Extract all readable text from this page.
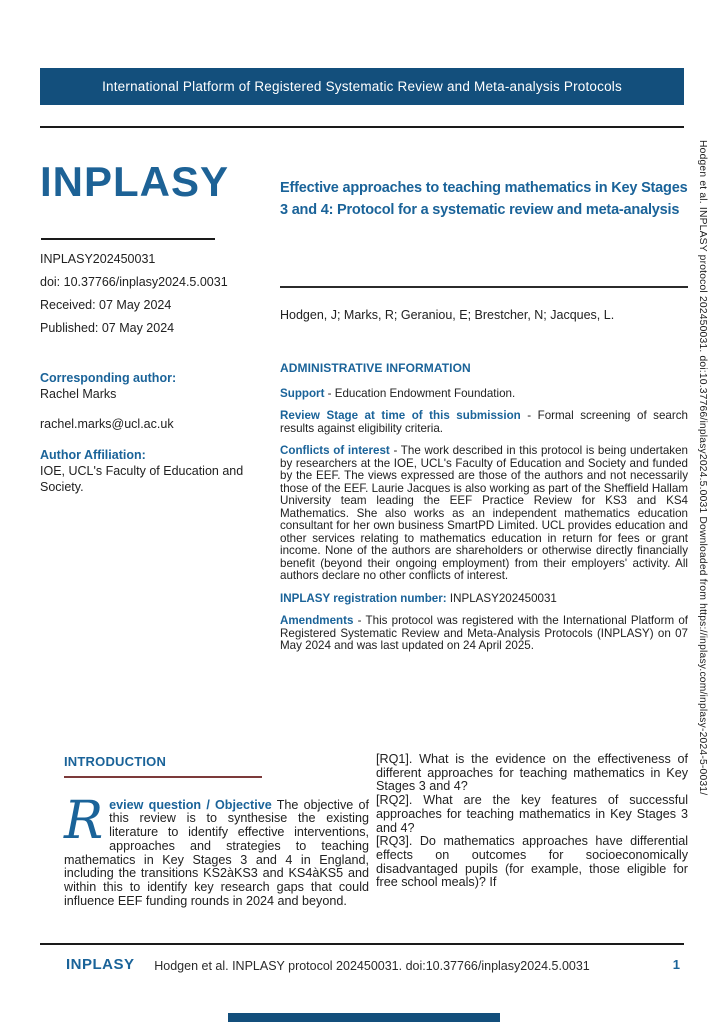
International Platform of Registered Systematic Review and Meta-analysis Protocols
INPLASY
INPLASY202450031
doi: 10.37766/inplasy2024.5.0031
Received: 07 May 2024
Published: 07 May 2024
Corresponding author:
Rachel Marks
rachel.marks@ucl.ac.uk
Author Affiliation:
IOE, UCL's Faculty of Education and Society.
Effective approaches to teaching mathematics in Key Stages 3 and 4: Protocol for a systematic review and meta-analysis
Hodgen, J; Marks, R; Geraniou, E; Brestcher, N; Jacques, L.
ADMINISTRATIVE INFORMATION

Support - Education Endowment Foundation.

Review Stage at time of this submission - Formal screening of search results against eligibility criteria.

Conflicts of interest - The work described in this protocol is being undertaken by researchers at the IOE, UCL's Faculty of Education and Society and funded by the EEF. The views expressed are those of the authors and not necessarily those of the EEF. Laurie Jacques is also working as part of the Sheffield Hallam University team leading the EEF Practice Review for KS3 and KS4 Mathematics. She also works as an independent mathematics education consultant for her own business SmartPD Limited. UCL provides education and other services relating to mathematics education in return for fees or grant income. None of the authors are shareholders or otherwise directly financially benefit (beyond their ongoing employment) from their employers' activity. All authors declare no other conflicts of interest.

INPLASY registration number: INPLASY202450031

Amendments - This protocol was registered with the International Platform of Registered Systematic Review and Meta-Analysis Protocols (INPLASY) on 07 May 2024 and was last updated on 24 April 2025.

INTRODUCTION
Review question / Objective The objective of this review is to synthesise the existing literature to identify effective interventions, approaches and strategies to teaching mathematics in Key Stages 3 and 4 in England, including the transitions KS2àKS3 and KS4àKS5 and within this to identify key research gaps that could influence EEF funding rounds in 2024 and beyond.
[RQ1]. What is the evidence on the effectiveness of different approaches for teaching mathematics in Key Stages 3 and 4?
[RQ2]. What are the key features of successful approaches for teaching mathematics in Key Stages 3 and 4?
[RQ3]. Do mathematics approaches have differential effects on outcomes for socioeconomically disadvantaged pupils (for example, those eligible for free school meals)? If
INPLASY	Hodgen et al. INPLASY protocol 202450031. doi:10.37766/inplasy2024.5.0031	1
Hodgen et al. INPLASY protocol 202450031. doi:10.37766/inplasy2024.5.0031 Downloaded from https://inplasy.com/inplasy-2024-5-0031/
